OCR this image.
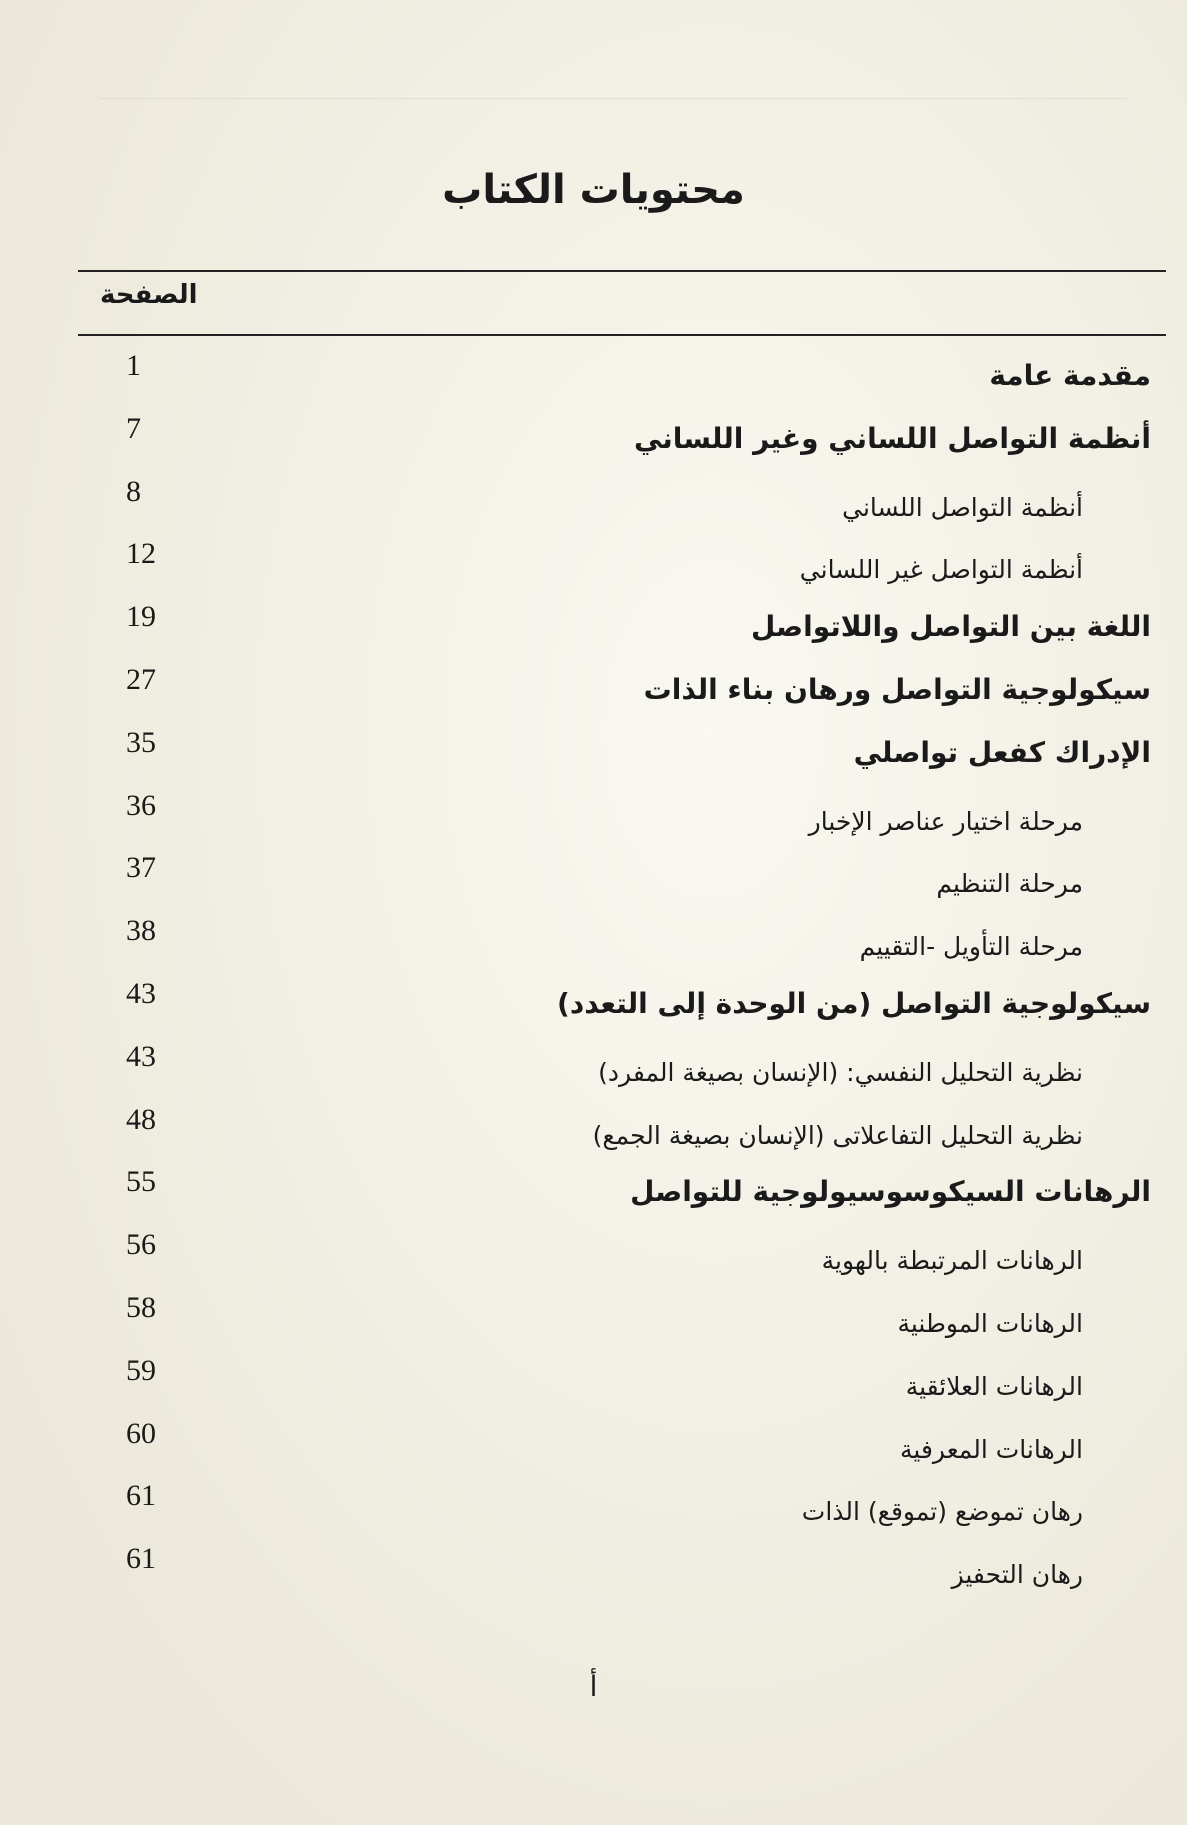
محتويات الكتاب
الصفحة
1	مقدمة عامة
7	أنظمة التواصل اللساني وغير اللساني
8	أنظمة التواصل اللساني
12	أنظمة التواصل غير اللساني
19	اللغة بين التواصل واللاتواصل
27	سيكولوجية التواصل ورهان بناء الذات
35	الإدراك كفعل تواصلي
36	مرحلة اختيار عناصر الإخبار
37	مرحلة التنظيم
38	مرحلة التأويل -التقييم
43	سيكولوجية التواصل (من الوحدة إلى التعدد)
43	نظرية التحليل النفسي: (الإنسان بصيغة المفرد)
48	نظرية التحليل التفاعلاتى (الإنسان بصيغة الجمع)
55	الرهانات السيكوسوسيولوجية للتواصل
56	الرهانات المرتبطة بالهوية
58	الرهانات الموطنية
59	الرهانات العلائقية
60	الرهانات المعرفية
61	رهان تموضع (تموقع) الذات
61	رهان التحفيز
أ
